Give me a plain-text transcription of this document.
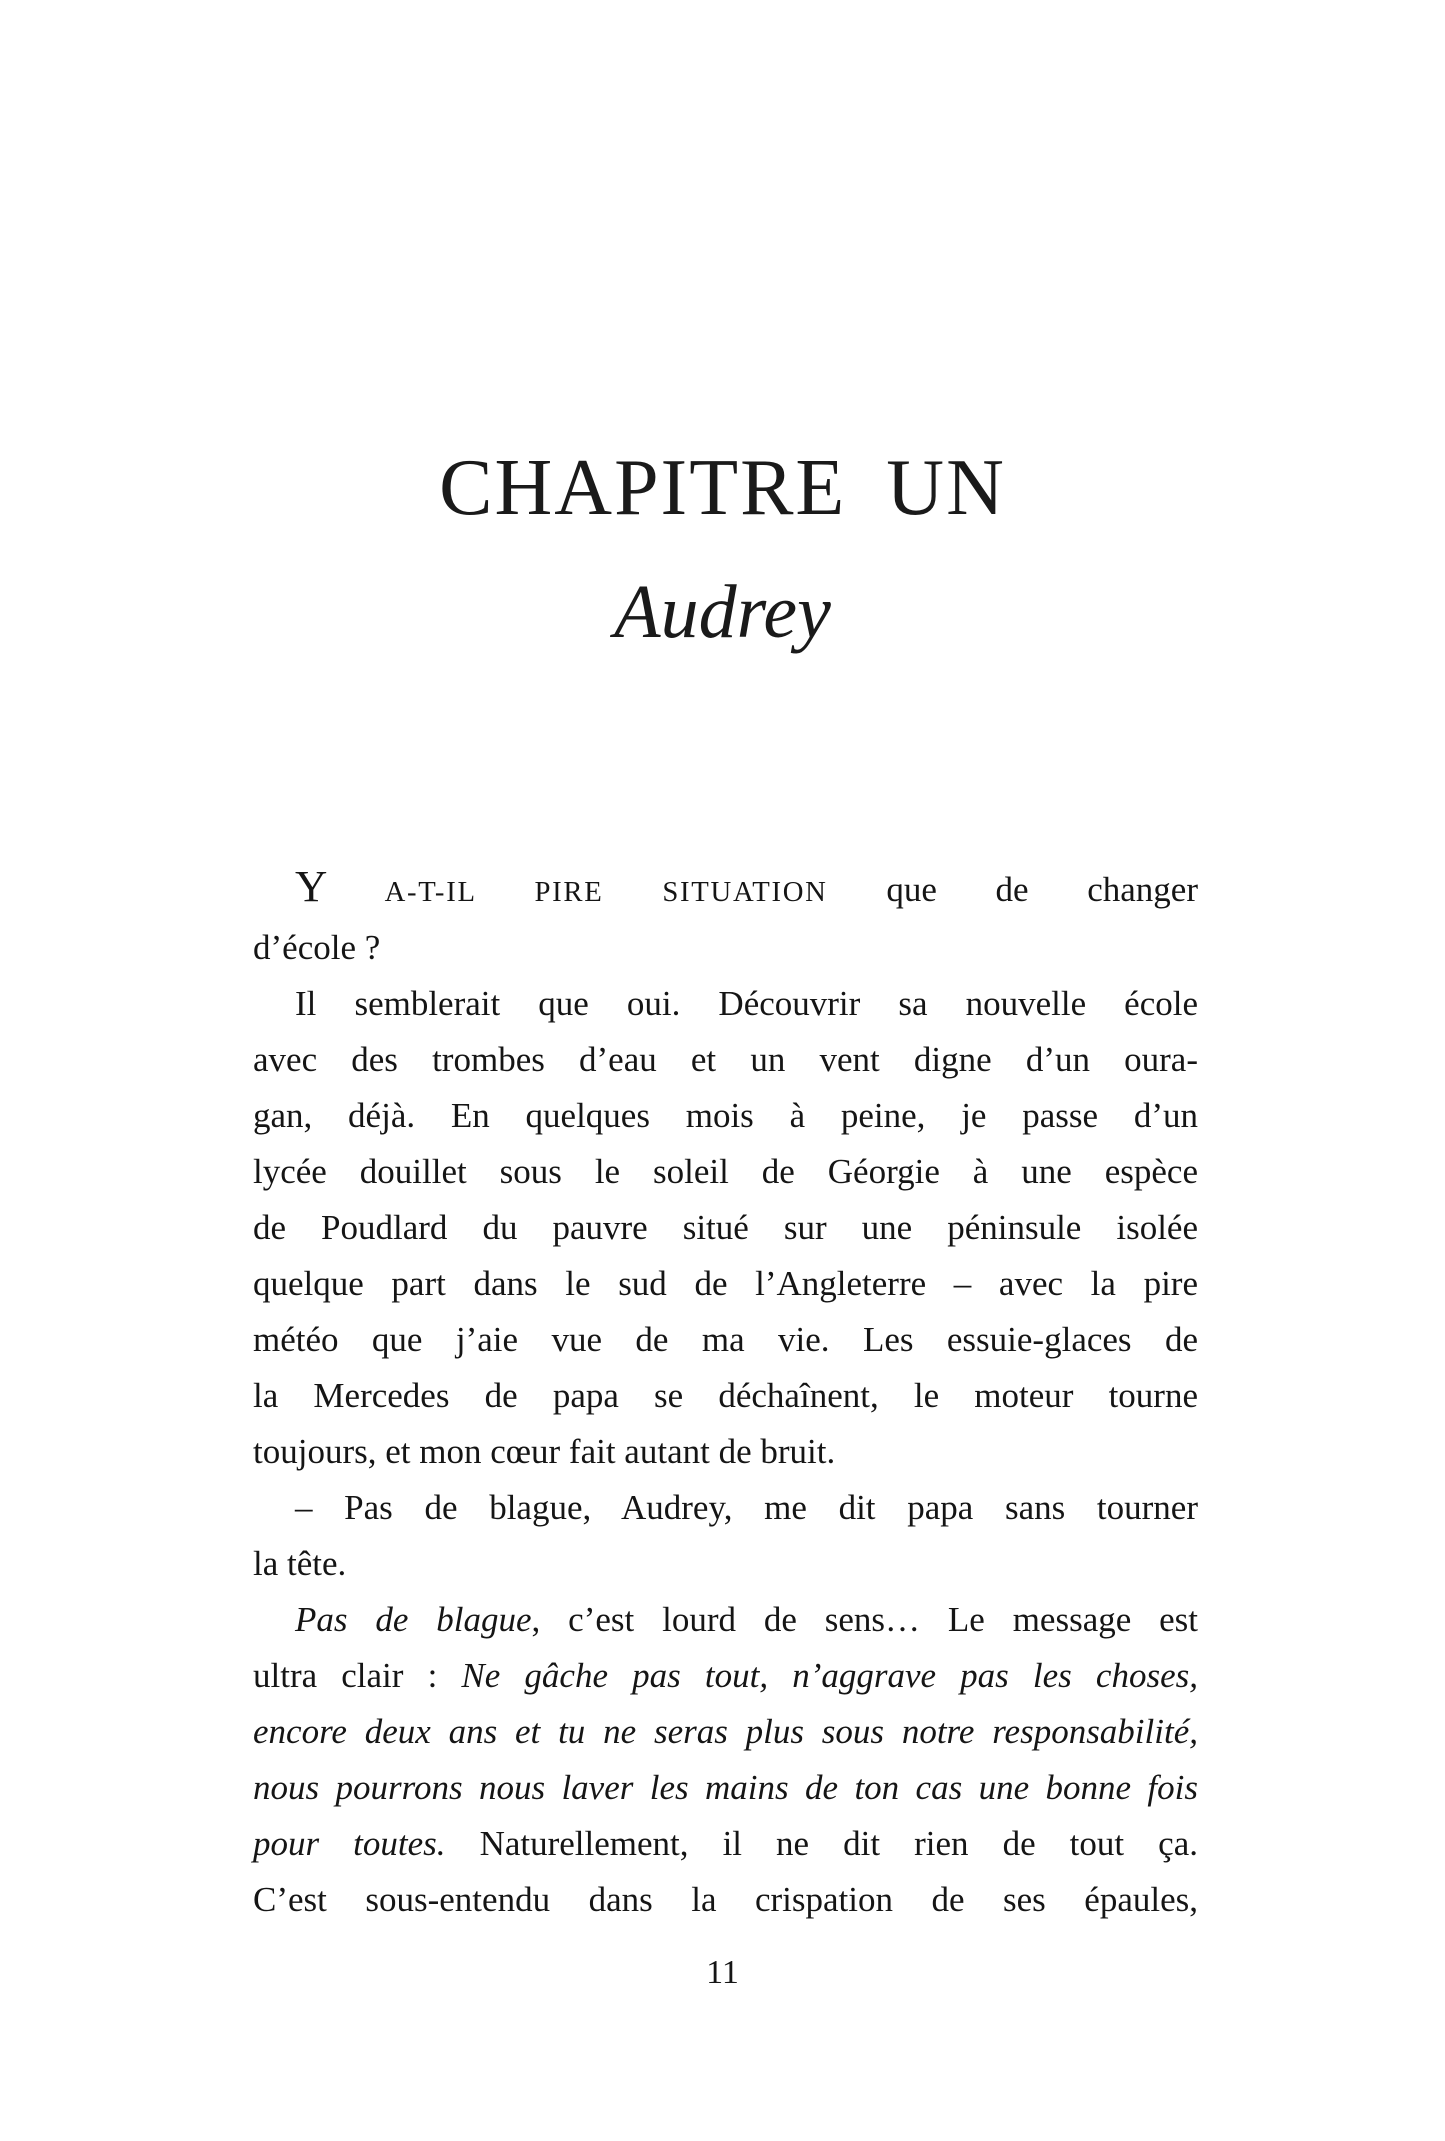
CHAPITRE UN
Audrey
Y A-T-IL PIRE SITUATION que de changer
d’école ?
Il semblerait que oui. Découvrir sa nouvelle école
avec des trombes d’eau et un vent digne d’un oura-
gan, déjà. En quelques mois à peine, je passe d’un
lycée douillet sous le soleil de Géorgie à une espèce
de Poudlard du pauvre situé sur une péninsule isolée
quelque part dans le sud de l’Angleterre – avec la pire
météo que j’aie vue de ma vie. Les essuie-glaces de
la Mercedes de papa se déchaînent, le moteur tourne
toujours, et mon cœur fait autant de bruit.
– Pas de blague, Audrey, me dit papa sans tourner
la tête.
Pas de blague, c’est lourd de sens… Le message est
ultra clair : Ne gâche pas tout, n’aggrave pas les choses,
encore deux ans et tu ne seras plus sous notre responsabilité,
nous pourrons nous laver les mains de ton cas une bonne fois
pour toutes. Naturellement, il ne dit rien de tout ça.
C’est sous-entendu dans la crispation de ses épaules,
11
